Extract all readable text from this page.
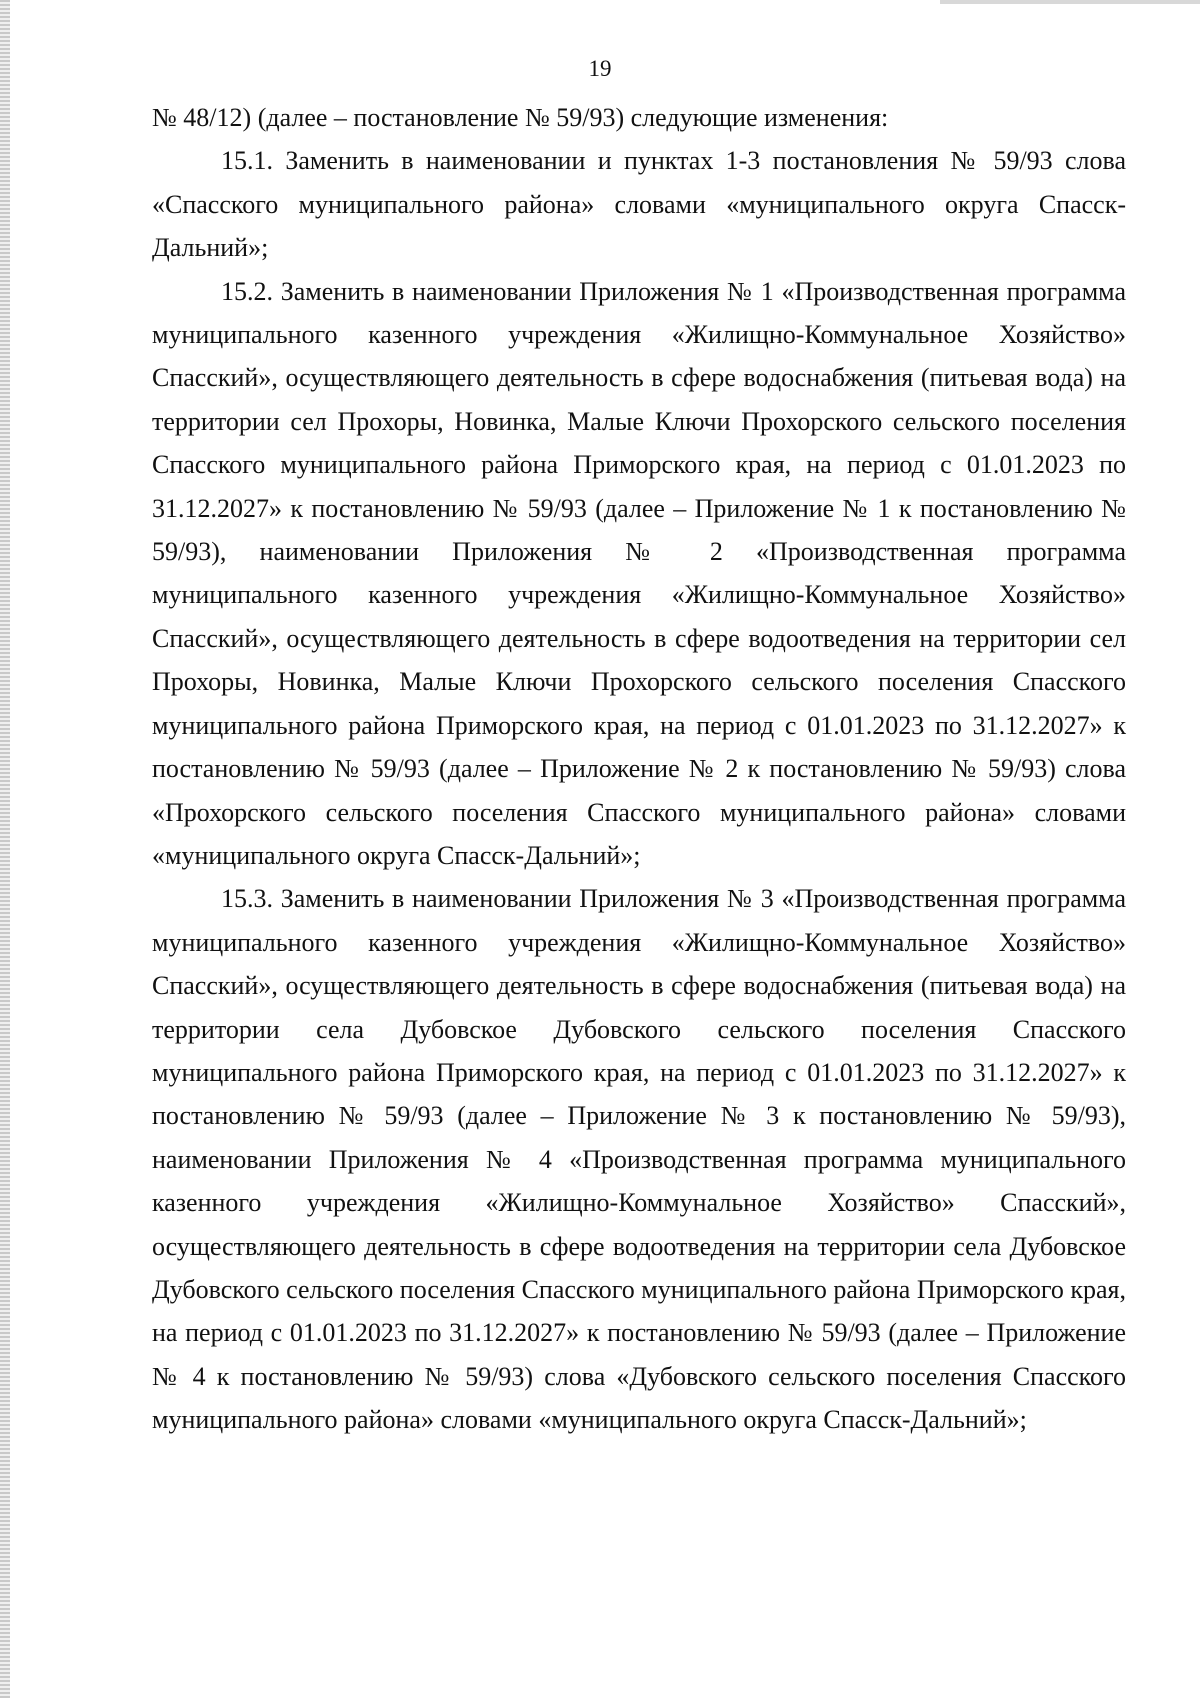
19

№ 48/12) (далее – постановление № 59/93) следующие изменения:

15.1. Заменить в наименовании и пунктах 1-3 постановления № 59/93 слова «Спасского муниципального района» словами «муниципального округа Спасск-Дальний»;

15.2. Заменить в наименовании Приложения № 1 «Производственная программа муниципального казенного учреждения «Жилищно-Коммунальное Хозяйство» Спасский», осуществляющего деятельность в сфере водоснабжения (питьевая вода) на территории сел Прохоры, Новинка, Малые Ключи Прохорского сельского поселения Спасского муниципального района Приморского края, на период с 01.01.2023 по 31.12.2027» к постановлению № 59/93 (далее – Приложение № 1 к постановлению № 59/93), наименовании Приложения № 2 «Производственная программа муниципального казенного учреждения «Жилищно-Коммунальное Хозяйство» Спасский», осуществляющего деятельность в сфере водоотведения на территории сел Прохоры, Новинка, Малые Ключи Прохорского сельского поселения Спасского муниципального района Приморского края, на период с 01.01.2023 по 31.12.2027» к постановлению № 59/93 (далее – Приложение № 2 к постановлению № 59/93) слова «Прохорского сельского поселения Спасского муниципального района» словами «муниципального округа Спасск-Дальний»;

15.3. Заменить в наименовании Приложения № 3 «Производственная программа муниципального казенного учреждения «Жилищно-Коммунальное Хозяйство» Спасский», осуществляющего деятельность в сфере водоснабжения (питьевая вода) на территории села Дубовское Дубовского сельского поселения Спасского муниципального района Приморского края, на период с 01.01.2023 по 31.12.2027» к постановлению № 59/93 (далее – Приложение № 3 к постановлению № 59/93), наименовании Приложения № 4 «Производственная программа муниципального казенного учреждения «Жилищно-Коммунальное Хозяйство» Спасский», осуществляющего деятельность в сфере водоотведения на территории села Дубовское Дубовского сельского поселения Спасского муниципального района Приморского края, на период с 01.01.2023 по 31.12.2027» к постановлению № 59/93 (далее – Приложение № 4 к постановлению № 59/93) слова «Дубовского сельского поселения Спасского муниципального района» словами «муниципального округа Спасск-Дальний»;
